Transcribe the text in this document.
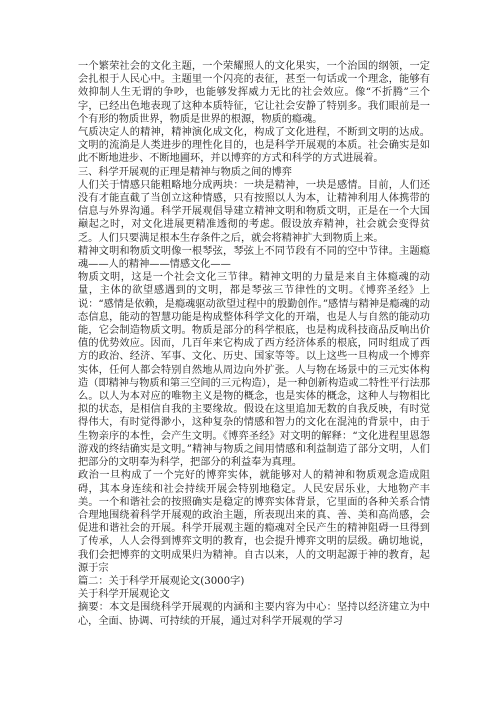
一个繁荣社会的文化主题，一个荣耀照人的文化果实，一个治国的纲领，一定会扎根于人民心中。主题里一个闪亮的表征，甚至一句话或一个理念，能够有效抑制人生无谓的争吵，也能够发挥威力无比的社会效应。像“不折腾”三个字，已经出色地表现了这种本质特征，它让社会安静了特别多。我们眼前是一个有形的物质世界，物质是世界的根源，物质的瘾魂。

气质决定人的精神，精神演化成文化，构成了文化进程，不断到文明的达成。文明的流淌是人类进步的理性化目的，也是科学开展观的本质。社会确实是如此不断地进步、不断地圃环，并以博弈的方式和科学的方式进展着。

三、科学开展观的正理是精神与物质之间的博弈

人们关于情感只能粗略地分成两块：一块是精神，一块是感情。目前，人们还没有才能直截了当创立这种情感，只有按照以人为本，让精神利用人体携带的信息与外界沟通。科学开展观倡导建立精神文明和物质文明，正是在一个大国巅起之时，对文化进展更精准透彻的考虑。假设放弃精神，社会就会变得贫乏。人们只要满足根本生存条件之后，就会将精神扩大到物质上来。

精神文明和物质文明像一根琴弦，琴弦上不同节段有不同的空中节律。主题瘾魂——人的精神——情感文化——

物质文明，这是一个社会文化三节律。精神文明的力量是来自主体瘾魂的动量，主体的欲望感遇到的文明，都是琴弦三节律性的文明。《博弈圣经》上说：“感情是依赖，是瘾魂驱动欲望过程中的殷勤创作。”感情与精神是瘾魂的动态信息，能动的智慧功能是构成整体科学文化的开端，也是人与自然的能动功能，它会制造物质文明。物质是部分的科学根底，也是构成科技商品反响出价值的优势效应。因而，几百年来它构成了西方经济体系的根底，同时组成了西方的政治、经济、军事、文化、历史、国家等等。以上这些一旦构成一个博弈实体，任何人都会特别自然地从周边向外扩张。人与物在场景中的三元实体构造（即精神与物质和第三空间的三元构造），是一种创新构造或二特性平行法那么。以人为本对应的唯物主义是物的概念，也是实体的概念，这种人与物相比拟的状态，是相信自我的主要缘故。假设在这里追加无数的自我反映，有时觉得伟大，有时觉得渺小，这种复杂的情感和智力的文化在混沌的背景中，由于生物亲序的本性，会产生文明。《博弈圣经》对文明的解释：“文化进程里恩怨游戏的终结确实是文明。”精神与物质之间用情感和利益制造了部分文明，人们把部分的文明奉为科学，把部分的利益奉为真理。

政治一旦构成了一个完好的博弈实体，就能够对人的精神和物质观念造成阻碍，其本身连续和社会持续开展会特别地稳定。人民安居乐业，大地物产丰美。一个和谐社会的按照确实是稳定的博弈实体背景，它里面的各种关系合情合理地围绕着科学开展观的政治主题，所表现出来的真、善、美和高尚感，会促进和谐社会的开展。科学开展观主题的瘾魂对全民产生的精神阻碍一旦得到了传承，人人会得到博弈文明的教育，也会提升博弈文明的层级。确切地说，我们会把博弈的文明成果归为精神。自古以来，人的文明起源于神的教育，起源于宗

篇二：关于科学开展观论文(3000字)

关于科学开展观论文

摘要：本文是围绕科学开展观的内涵和主要内容为中心：坚持以经济建立为中心，全面、协调、可持续的开展，通过对科学开展观的学习
